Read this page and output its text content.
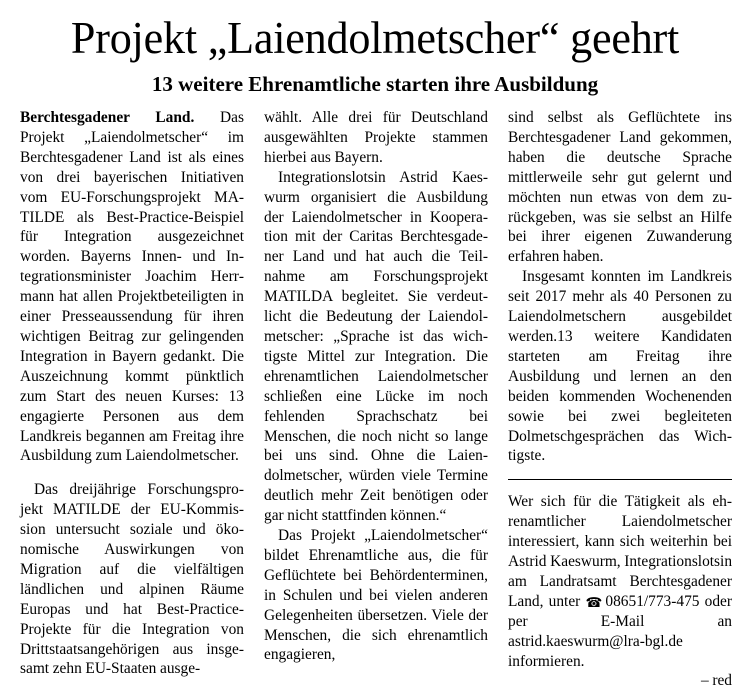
Projekt „Laiendolmetscher“ geehrt
13 weitere Ehrenamtliche starten ihre Ausbildung

Berchtesgadener Land. Das Projekt „Laiendolmetscher“ im Berchtesgadener Land ist als eines von drei bayerischen Initiativen vom EU-Forschungsprojekt MATILDE als Best-Practice-Beispiel für Integration ausgezeichnet worden. Bayerns Innen- und Integrationsminister Joachim Herrmann hat allen Projektbeteiligten in einer Presseaussendung für ihren wichtigen Beitrag zur gelingenden Integration in Bayern gedankt. Die Auszeichnung kommt pünktlich zum Start des neuen Kurses: 13 engagierte Personen aus dem Landkreis begannen am Freitag ihre Ausbildung zum Laiendolmetscher.

Das dreijährige Forschungsprojekt MATILDE der EU-Kommission untersucht soziale und ökonomische Auswirkungen von Migration auf die vielfältigen ländlichen und alpinen Räume Europas und hat Best-Practice-Projekte für die Integration von Drittstaatsangehörigen aus insgesamt zehn EU-Staaten ausge-

wählt. Alle drei für Deutschland ausgewählten Projekte stammen hierbei aus Bayern.

Integrationslotsin Astrid Kaeswurm organisiert die Ausbildung der Laiendolmetscher in Kooperation mit der Caritas Berchtesgadener Land und hat auch die Teilnahme am Forschungsprojekt MATILDA begleitet. Sie verdeutlicht die Bedeutung der Laiendolmetscher: „Sprache ist das wichtigste Mittel zur Integration. Die ehrenamtlichen Laiendolmetscher schließen eine Lücke im noch fehlenden Sprachschatz bei Menschen, die noch nicht so lange bei uns sind. Ohne die Laiendolmetscher, würden viele Termine deutlich mehr Zeit benötigen oder gar nicht stattfinden können.“

Das Projekt „Laiendolmetscher“ bildet Ehrenamtliche aus, die für Geflüchtete bei Behördenterminen, in Schulen und bei vielen anderen Gelegenheiten übersetzen. Viele der Menschen, die sich ehrenamtlich engagieren,

sind selbst als Geflüchtete ins Berchtesgadener Land gekommen, haben die deutsche Sprache mittlerweile sehr gut gelernt und möchten nun etwas von dem zurückgeben, was sie selbst an Hilfe bei ihrer eigenen Zuwanderung erfahren haben.

Insgesamt konnten im Landkreis seit 2017 mehr als 40 Personen zu Laiendolmetschern ausgebildet werden.13 weitere Kandidaten starteten am Freitag ihre Ausbildung und lernen an den beiden kommenden Wochenenden sowie bei zwei begleiteten Dolmetschgesprächen das Wichtigste.

Wer sich für die Tätigkeit als ehrenamtlicher Laiendolmetscher interessiert, kann sich weiterhin bei Astrid Kaeswurm, Integrationslotsin am Landratsamt Berchtesgadener Land, unter ☎  08651/773-475 oder per E-Mail an astrid.kaeswurm@lra-bgl.de informieren.– red
